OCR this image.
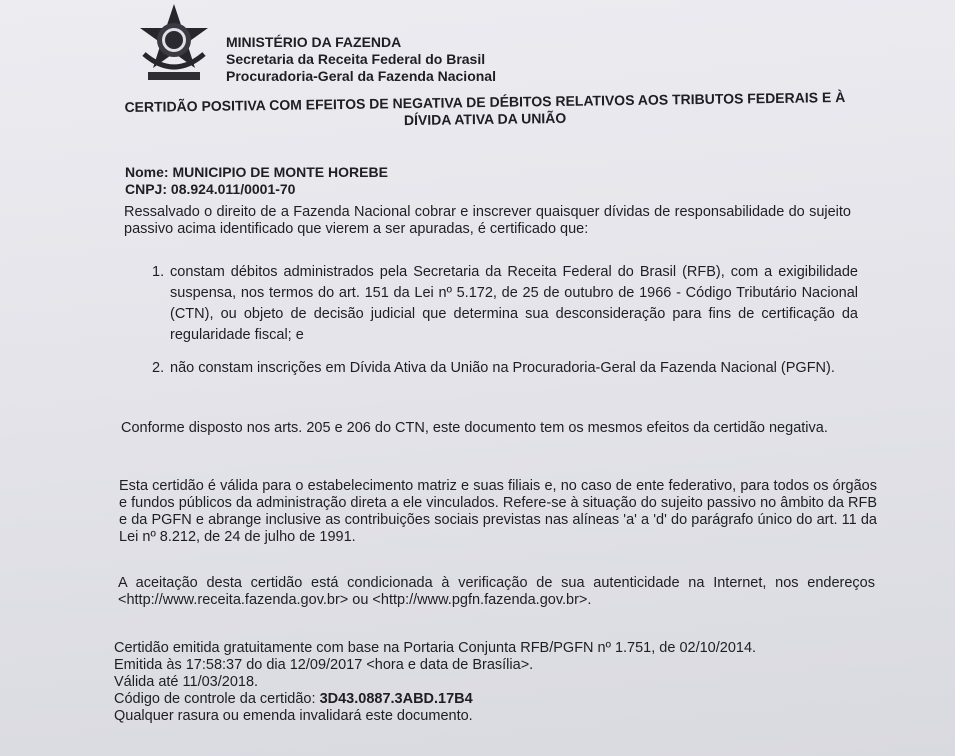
MINISTÉRIO DA FAZENDA
Secretaria da Receita Federal do Brasil
Procuradoria-Geral da Fazenda Nacional
CERTIDÃO POSITIVA COM EFEITOS DE NEGATIVA DE DÉBITOS RELATIVOS AOS TRIBUTOS FEDERAIS E À DÍVIDA ATIVA DA UNIÃO
Nome: MUNICIPIO DE MONTE HOREBE
CNPJ: 08.924.011/0001-70
Ressalvado o direito de a Fazenda Nacional cobrar e inscrever quaisquer dívidas de responsabilidade do sujeito passivo acima identificado que vierem a ser apuradas, é certificado que:
1. constam débitos administrados pela Secretaria da Receita Federal do Brasil (RFB), com a exigibilidade suspensa, nos termos do art. 151 da Lei nº 5.172, de 25 de outubro de 1966 - Código Tributário Nacional (CTN), ou objeto de decisão judicial que determina sua desconsideração para fins de certificação da regularidade fiscal; e
2. não constam inscrições em Dívida Ativa da União na Procuradoria-Geral da Fazenda Nacional (PGFN).
Conforme disposto nos arts. 205 e 206 do CTN, este documento tem os mesmos efeitos da certidão negativa.
Esta certidão é válida para o estabelecimento matriz e suas filiais e, no caso de ente federativo, para todos os órgãos e fundos públicos da administração direta a ele vinculados. Refere-se à situação do sujeito passivo no âmbito da RFB e da PGFN e abrange inclusive as contribuições sociais previstas nas alíneas 'a' a 'd' do parágrafo único do art. 11 da Lei nº 8.212, de 24 de julho de 1991.
A aceitação desta certidão está condicionada à verificação de sua autenticidade na Internet, nos endereços <http://www.receita.fazenda.gov.br> ou <http://www.pgfn.fazenda.gov.br>.
Certidão emitida gratuitamente com base na Portaria Conjunta RFB/PGFN nº 1.751, de 02/10/2014.
Emitida às 17:58:37 do dia 12/09/2017 <hora e data de Brasília>.
Válida até 11/03/2018.
Código de controle da certidão: 3D43.0887.3ABD.17B4
Qualquer rasura ou emenda invalidará este documento.
